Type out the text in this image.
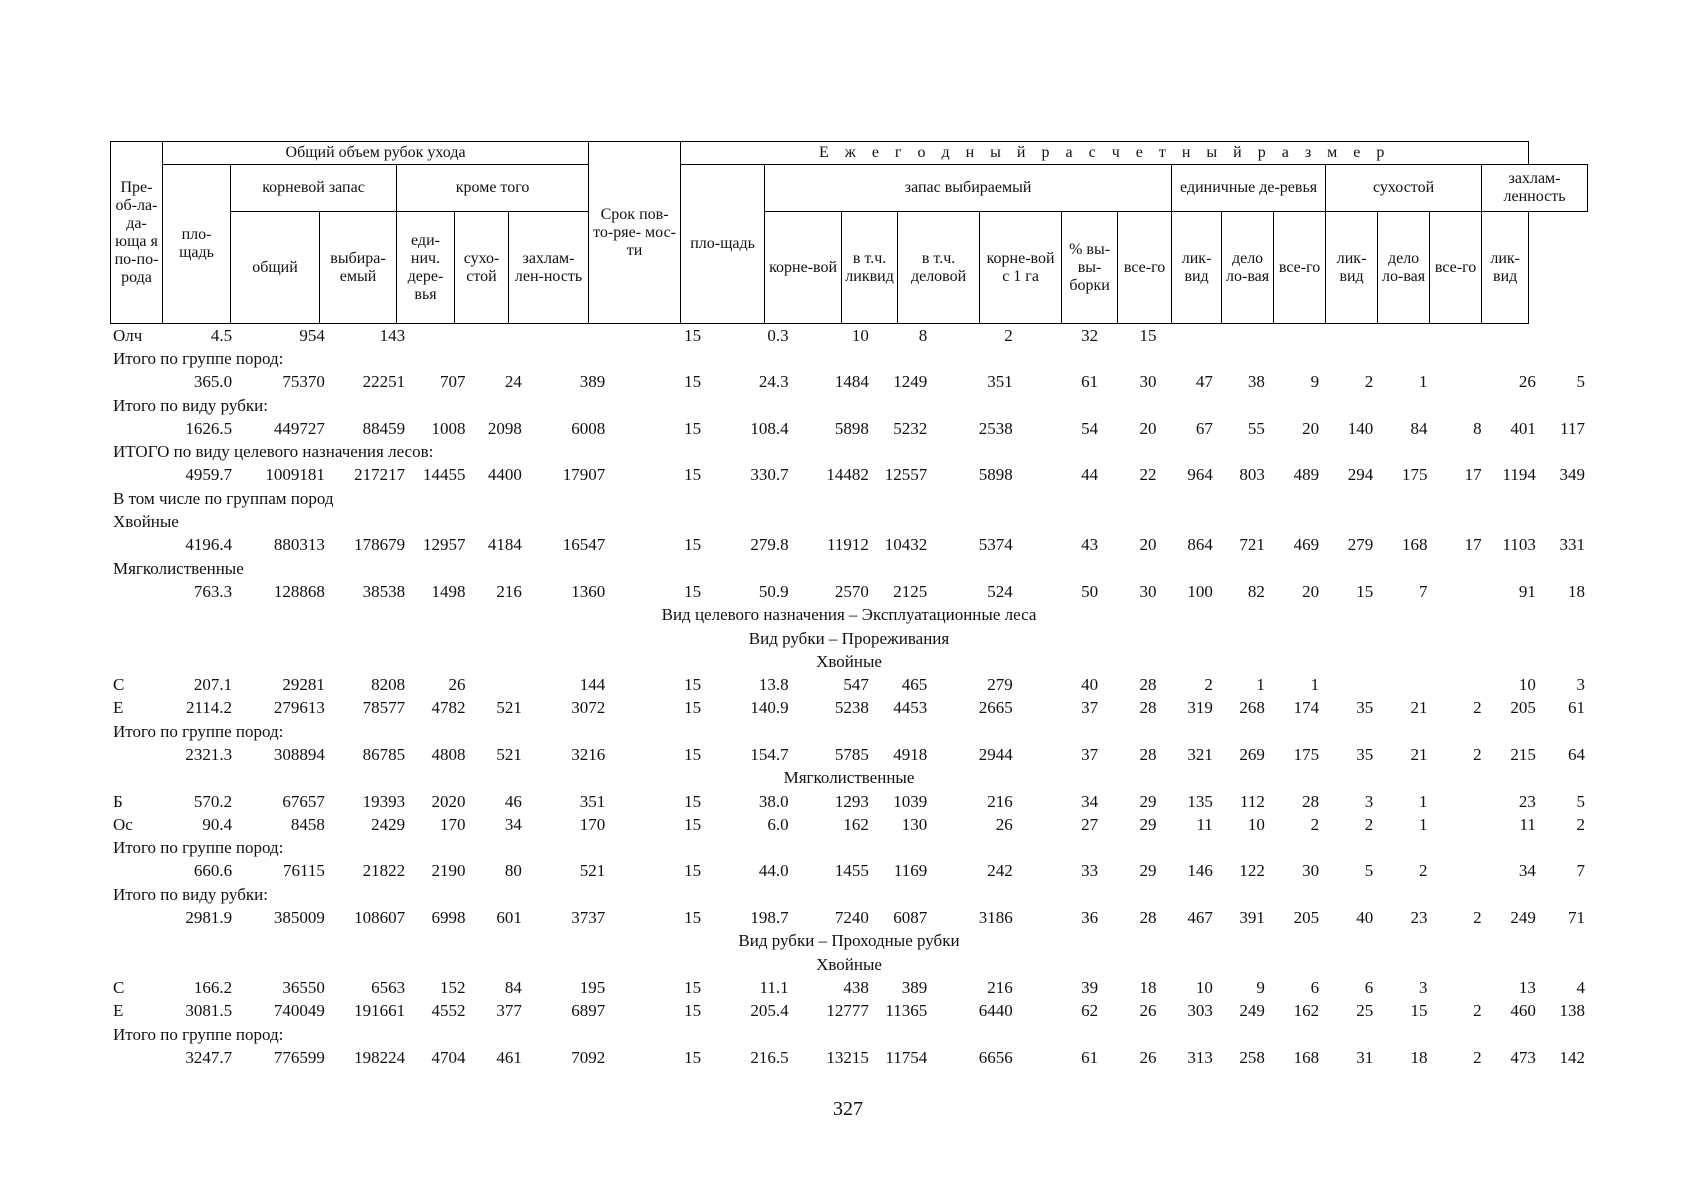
Пре-об-ла-да-юща я по-по-рода	Общий объем рубок ухода						Срок пов- то-ряе- мос-ти	Е ж е г о д н ы й р а с ч е т н ы й р а з м е р													
	пло-щадь	корневой запас		кроме того				пло-щадь	запас выбираемый						единичные де-ревья			сухостой			захлам-ленность
		общий	выбира-емый	еди-нич. дере-вья	сухо-стой	захлам-лен-ность			корне-вой	в т.ч. ликвид	в т.ч. деловой	корне-вой с 1 га	% вы-вы-борки	все-го	лик-вид	дело ло-вая	все-го	лик-вид	дело ло-вая	все-го	лик-вид
Олч	4.5	954	143				15	0.3	10	8	2	32	15								
Итого по группе пород:																					
	365.0	75370	22251	707	24	389	15	24.3	1484	1249	351	61	30	47	38	9	2	1		26	5
Итого по виду рубки:																					
	1626.5	449727	88459	1008	2098	6008	15	108.4	5898	5232	2538	54	20	67	55	20	140	84	8	401	117
ИТОГО по виду целевого назначения лесов:																					
	4959.7	1009181	217217	14455	4400	17907	15	330.7	14482	12557	5898	44	22	964	803	489	294	175	17	1194	349
В том числе по группам пород																					
Хвойные																					
	4196.4	880313	178679	12957	4184	16547	15	279.8	11912	10432	5374	43	20	864	721	469	279	168	17	1103	331
Мягколиственные																					
	763.3	128868	38538	1498	216	1360	15	50.9	2570	2125	524	50	30	100	82	20	15	7		91	18
Вид целевого назначения – Эксплуатационные леса																					
Вид рубки – Прореживания																					
Хвойные																					
С	207.1	29281	8208	26		144	15	13.8	547	465	279	40	28	2	1	1				10	3
Е	2114.2	279613	78577	4782	521	3072	15	140.9	5238	4453	2665	37	28	319	268	174	35	21	2	205	61
Итого по группе пород:																					
	2321.3	308894	86785	4808	521	3216	15	154.7	5785	4918	2944	37	28	321	269	175	35	21	2	215	64
Мягколиственные																					
Б	570.2	67657	19393	2020	46	351	15	38.0	1293	1039	216	34	29	135	112	28	3	1		23	5
Ос	90.4	8458	2429	170	34	170	15	6.0	162	130	26	27	29	11	10	2	2	1		11	2
Итого по группе пород:																					
	660.6	76115	21822	2190	80	521	15	44.0	1455	1169	242	33	29	146	122	30	5	2		34	7
Итого по виду рубки:																					
	2981.9	385009	108607	6998	601	3737	15	198.7	7240	6087	3186	36	28	467	391	205	40	23	2	249	71
Вид рубки – Проходные рубки																					
Хвойные																					
С	166.2	36550	6563	152	84	195	15	11.1	438	389	216	39	18	10	9	6	6	3		13	4
Е	3081.5	740049	191661	4552	377	6897	15	205.4	12777	11365	6440	62	26	303	249	162	25	15	2	460	138
Итого по группе пород:																					
	3247.7	776599	198224	4704	461	7092	15	216.5	13215	11754	6656	61	26	313	258	168	31	18	2	473	142
327
